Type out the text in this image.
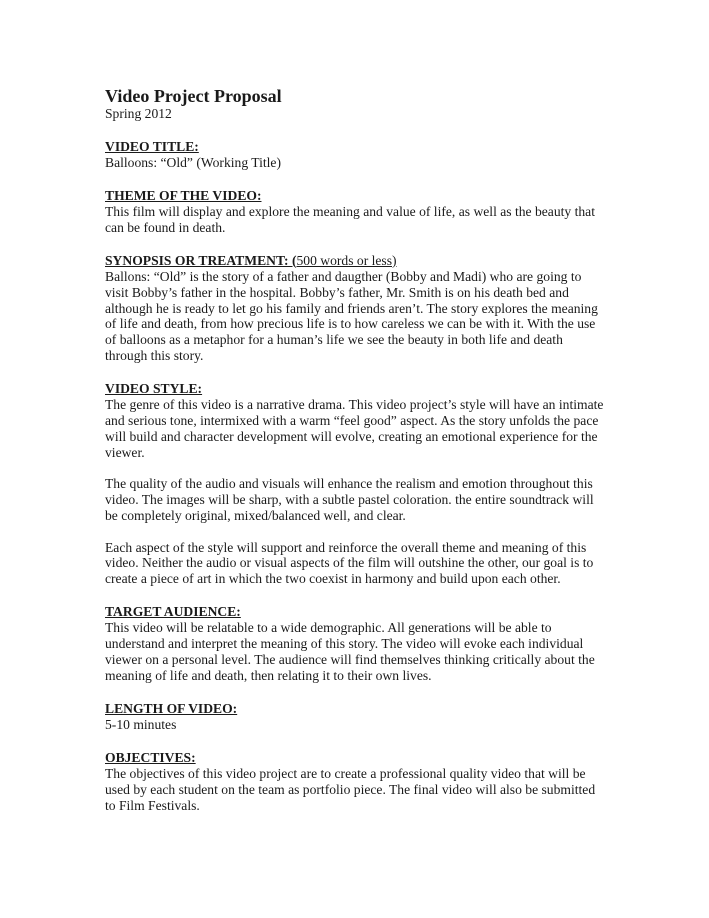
Video Project Proposal

Spring 2012

VIDEO TITLE:

Balloons: “Old” (Working Title)

THEME OF THE VIDEO:

This film will display and explore the meaning and value of life, as well as the beauty that can be found in death.

SYNOPSIS OR TREATMENT: (500 words or less)

Ballons: “Old” is the story of a father and daugther (Bobby and Madi) who are going to visit Bobby’s father in the hospital. Bobby’s father, Mr. Smith is on his death bed and although he is ready to let go his family and friends aren’t. The story explores the meaning of life and death, from how precious life is to how careless we can be with it. With the use of balloons as a metaphor for a human’s life we see the beauty in both life and death through this story.

VIDEO STYLE:

The genre of this video is a narrative drama. This video project’s style will have an intimate and serious tone, intermixed with a warm “feel good” aspect. As the story unfolds the pace will build and character development will evolve, creating an emotional experience for the viewer.

The quality of the audio and visuals will enhance the realism and emotion throughout this video. The images will be sharp, with a subtle pastel coloration. the entire soundtrack will be completely original, mixed/balanced well, and clear.

Each aspect of the style will support and reinforce the overall theme and meaning of this video. Neither the audio or visual aspects of the film will outshine the other, our goal is to create a piece of art in which the two coexist in harmony and build upon each other.

TARGET AUDIENCE:

This video will be relatable to a wide demographic. All generations will be able to understand and interpret the meaning of this story. The video will evoke each individual viewer on a personal level. The audience will find themselves thinking critically about the meaning of life and death, then relating it to their own lives.

LENGTH OF VIDEO:

5-10 minutes

OBJECTIVES:

The objectives of this video project are to create a professional quality video that will be used by each student on the team as portfolio piece. The final video will also be submitted to Film Festivals.
